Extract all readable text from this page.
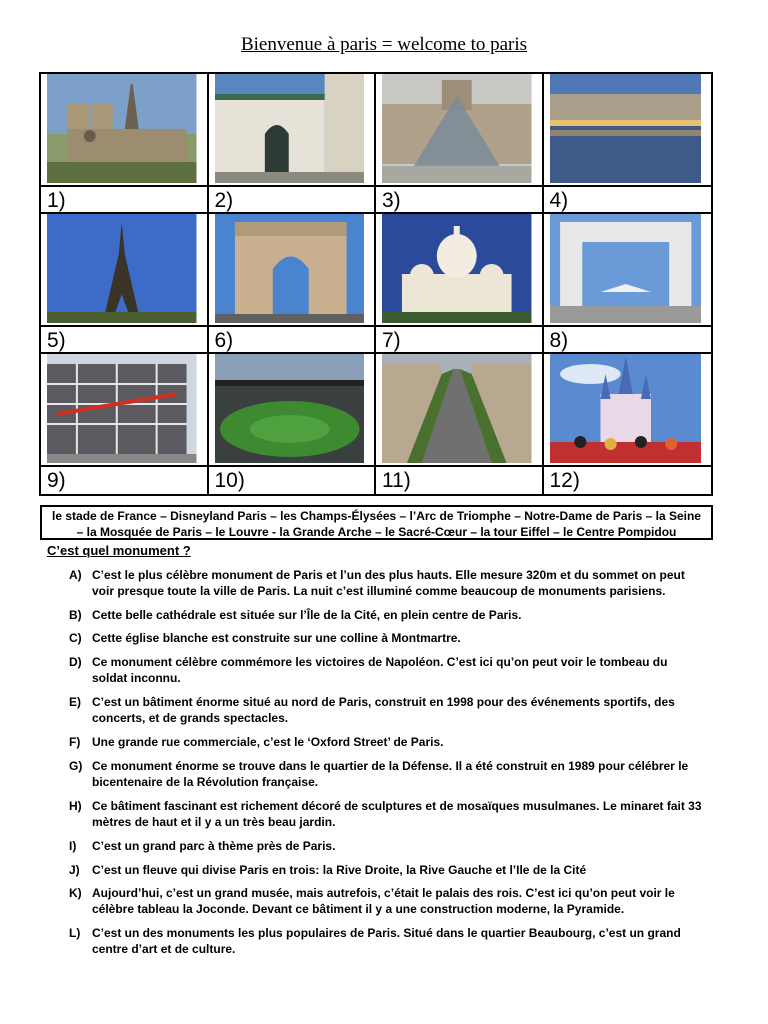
Bienvenue à paris = welcome to paris
1)	2)	3)	4)
5)	6)	7)	8)
9)	10)	11)	12)
le stade de France – Disneyland Paris – les Champs-Élysées – l’Arc de Triomphe – Notre-Dame de Paris – la Seine
– la Mosquée de Paris – le Louvre - la Grande Arche – le Sacré-Cœur – la tour Eiffel – le Centre Pompidou
C’est quel monument ?
A) C’est le plus célèbre monument de Paris et l’un des plus hauts. Elle mesure 320m et du sommet on peut
voir presque toute la ville de Paris. La nuit c’est illuminé comme beaucoup de monuments parisiens.
B) Cette belle cathédrale est située sur l’Île de la Cité, en plein centre de Paris.
C) Cette église blanche est construite sur une colline à Montmartre.
D) Ce monument célèbre commémore les victoires de Napoléon. C’est ici qu’on peut voir le tombeau du
soldat inconnu.
E) C’est un bâtiment énorme situé au nord de Paris, construit en 1998 pour des événements sportifs, des
concerts, et de grands spectacles.
F) Une grande rue commerciale, c’est le ‘Oxford Street’ de Paris.
G) Ce monument énorme se trouve dans le quartier de la Défense. Il a été construit en 1989 pour célébrer le
bicentenaire de la Révolution française.
H) Ce bâtiment fascinant est richement décoré de sculptures et de mosaïques musulmanes. Le minaret fait 33
mètres de haut et il y a un très beau jardin.
I)	C’est un grand parc à thème près de Paris.
J)	C’est un fleuve qui divise Paris en trois: la Rive Droite, la Rive Gauche et l’Ile de la Cité
K) Aujourd’hui, c’est un grand musée, mais autrefois, c’était le palais des rois. C’est ici qu’on peut voir le
célèbre tableau la Joconde. Devant ce bâtiment il y a une construction moderne, la Pyramide.
L) C’est un des monuments les plus populaires de Paris. Situé dans le quartier Beaubourg, c’est un grand
centre d’art et de culture.
